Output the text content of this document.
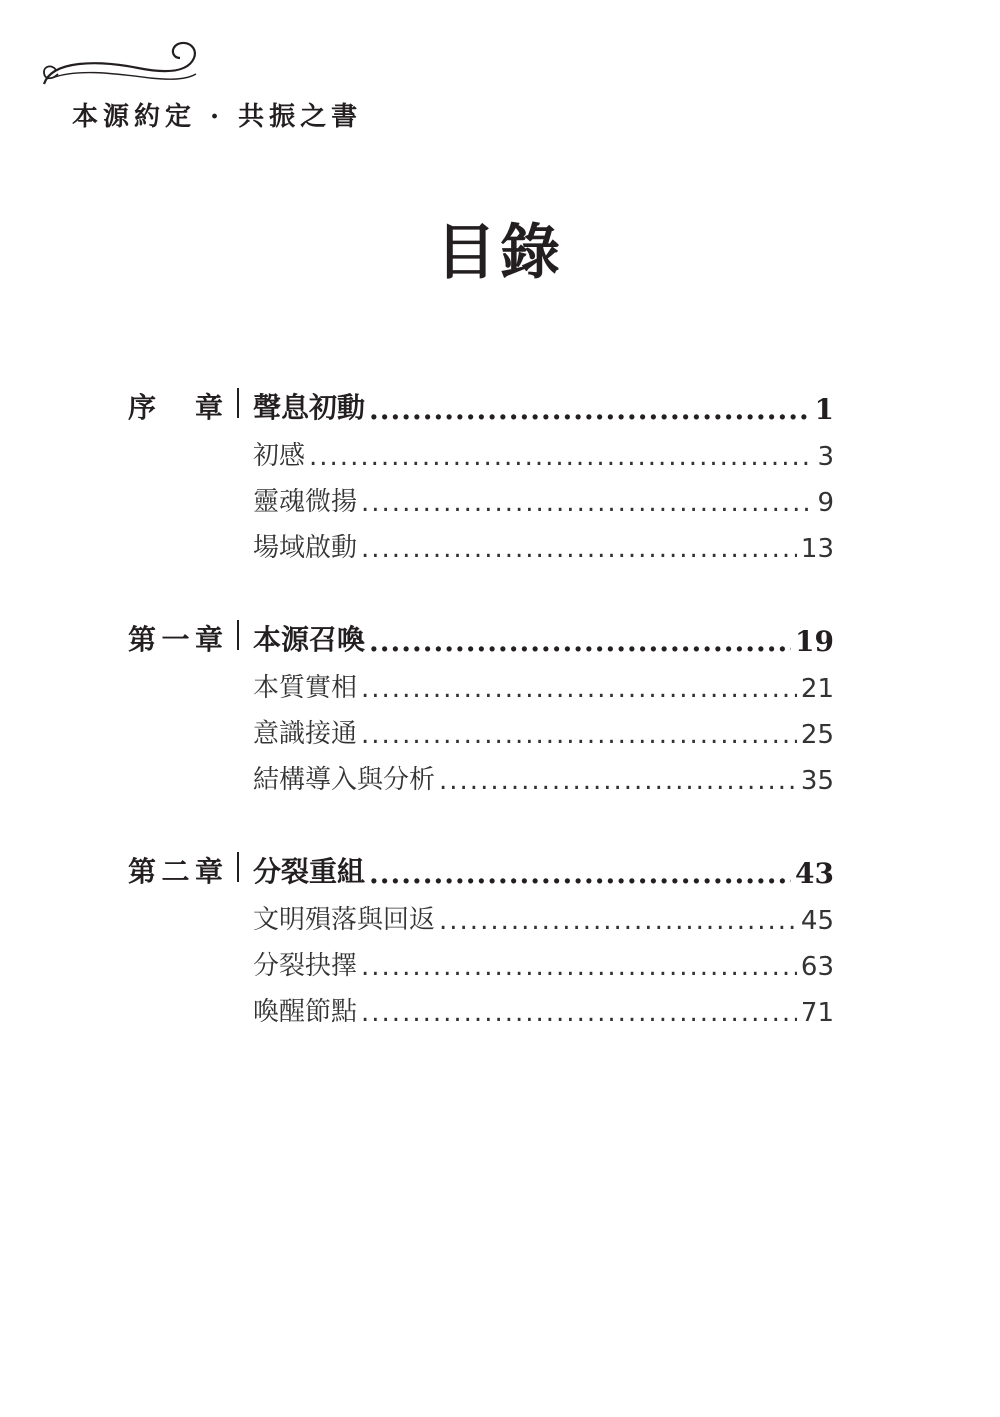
本源約定 · 共振之書
目錄
序　章 聲息初動 .....	1
初感 .....	3
靈魂微揚 .....	9
場域啟動 .....	13
第一章 本源召喚 .....	19
本質實相 .....	21
意識接通 .....	25
結構導入與分析 .....	35
第二章 分裂重組 .....	43
文明殞落與回返 .....	45
分裂抉擇 .....	63
喚醒節點 .....	71
